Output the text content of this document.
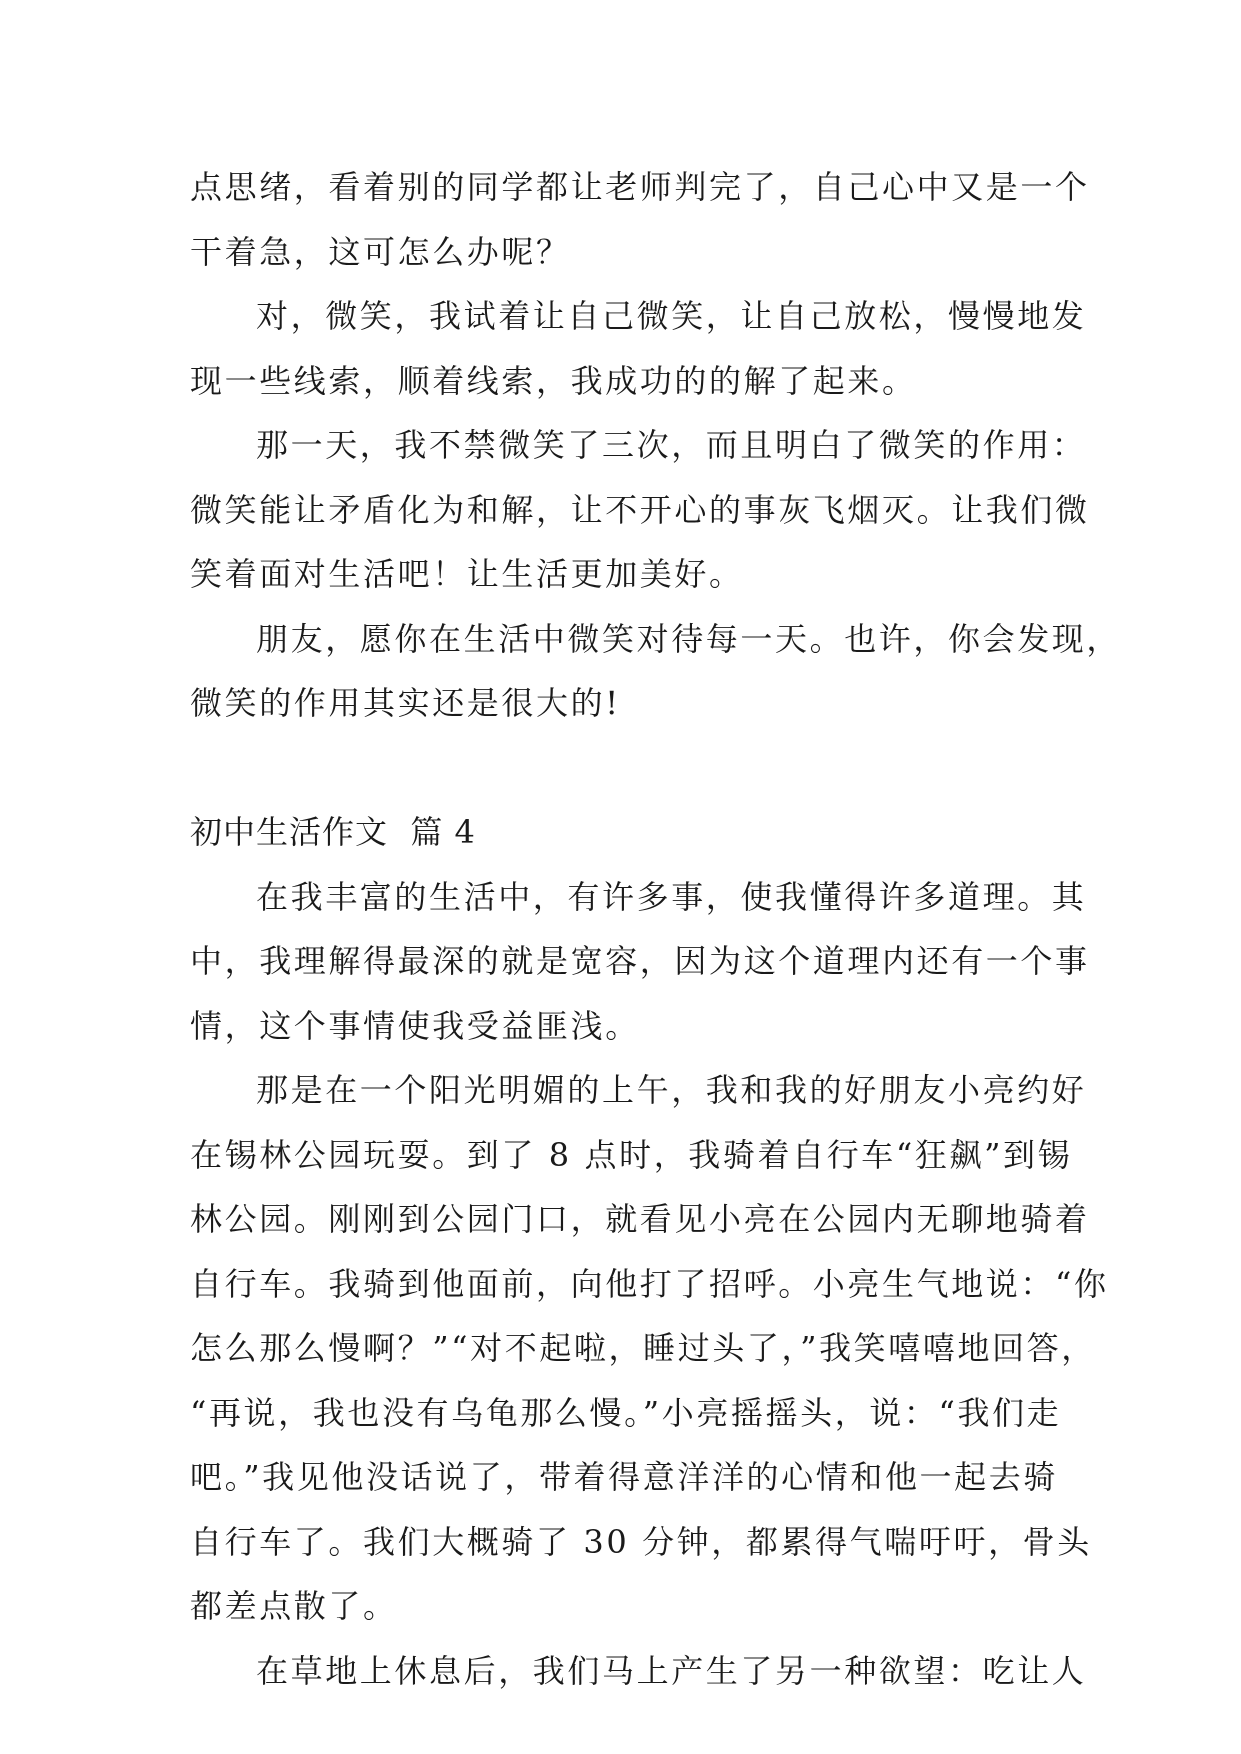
点思绪，看着别的同学都让老师判完了，自己心中又是一个
干着急，这可怎么办呢？
对，微笑，我试着让自己微笑，让自己放松，慢慢地发
现一些线索，顺着线索，我成功的的解了起来。
那一天，我不禁微笑了三次，而且明白了微笑的作用：
微笑能让矛盾化为和解，让不开心的事灰飞烟灭。让我们微
笑着面对生活吧！让生活更加美好。
朋友，愿你在生活中微笑对待每一天。也许，你会发现，
微笑的作用其实还是很大的!
初中生活作文  篇 4
在我丰富的生活中，有许多事，使我懂得许多道理。其
中，我理解得最深的就是宽容，因为这个道理内还有一个事
情，这个事情使我受益匪浅。
那是在一个阳光明媚的上午，我和我的好朋友小亮约好
在锡林公园玩耍。到了 8 点时，我骑着自行车“狂飙”到锡
林公园。刚刚到公园门口，就看见小亮在公园内无聊地骑着
自行车。我骑到他面前，向他打了招呼。小亮生气地说：“你
怎么那么慢啊？”“对不起啦，睡过头了，”我笑嘻嘻地回答，
“再说，我也没有乌龟那么慢。”小亮摇摇头，说：“我们走
吧。”我见他没话说了，带着得意洋洋的心情和他一起去骑
自行车了。我们大概骑了 30 分钟，都累得气喘吁吁，骨头
都差点散了。
在草地上休息后，我们马上产生了另一种欲望：吃让人
